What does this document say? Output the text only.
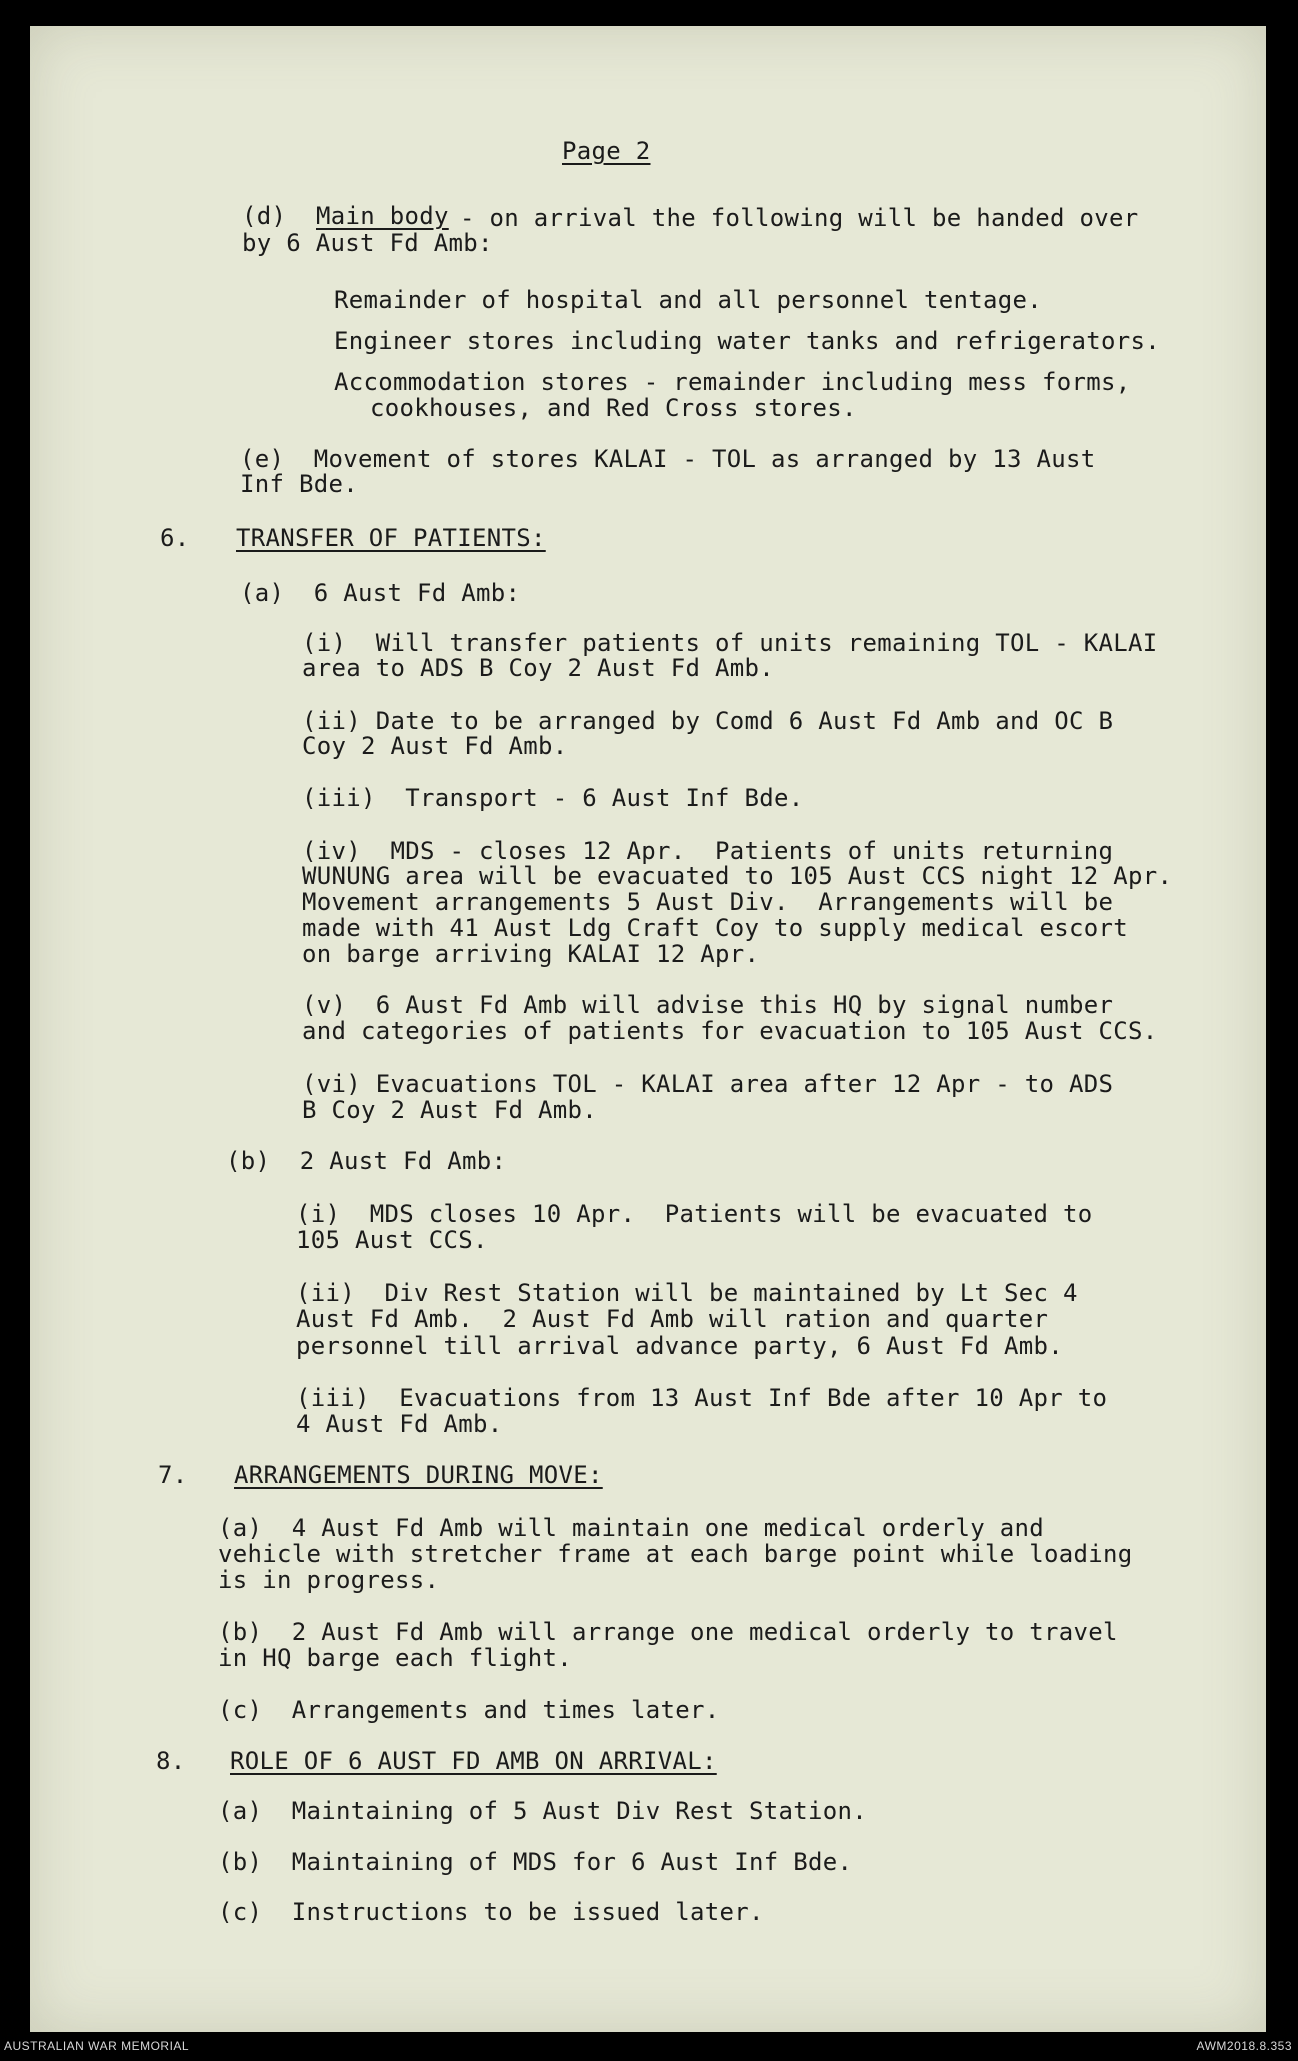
Page 2
(d) Main body - on arrival the following will be handed over
by 6 Aust Fd Amb:
Remainder of hospital and all personnel tentage.
Engineer stores including water tanks and refrigerators.
Accommodation stores - remainder including mess forms,
cookhouses, and Red Cross stores.
(e)  Movement of stores KALAI - TOL as arranged by 13 Aust
Inf Bde.
6. TRANSFER OF PATIENTS:
(a)  6 Aust Fd Amb:
(i)  Will transfer patients of units remaining TOL - KALAI
area to ADS B Coy 2 Aust Fd Amb.
(ii) Date to be arranged by Comd 6 Aust Fd Amb and OC B
Coy 2 Aust Fd Amb.
(iii)  Transport - 6 Aust Inf Bde.
(iv)  MDS - closes 12 Apr.  Patients of units returning
WUNUNG area will be evacuated to 105 Aust CCS night 12 Apr.
Movement arrangements 5 Aust Div.  Arrangements will be
made with 41 Aust Ldg Craft Coy to supply medical escort
on barge arriving KALAI 12 Apr.
(v)  6 Aust Fd Amb will advise this HQ by signal number
and categories of patients for evacuation to 105 Aust CCS.
(vi) Evacuations TOL - KALAI area after 12 Apr - to ADS
B Coy 2 Aust Fd Amb.
(b)  2 Aust Fd Amb:
(i)  MDS closes 10 Apr.  Patients will be evacuated to
105 Aust CCS.
(ii)  Div Rest Station will be maintained by Lt Sec 4
Aust Fd Amb.  2 Aust Fd Amb will ration and quarter
personnel till arrival advance party, 6 Aust Fd Amb.
(iii)  Evacuations from 13 Aust Inf Bde after 10 Apr to
4 Aust Fd Amb.
7. ARRANGEMENTS DURING MOVE:
(a)  4 Aust Fd Amb will maintain one medical orderly and
vehicle with stretcher frame at each barge point while loading
is in progress.
(b)  2 Aust Fd Amb will arrange one medical orderly to travel
in HQ barge each flight.
(c)  Arrangements and times later.
8. ROLE OF 6 AUST FD AMB ON ARRIVAL:
(a)  Maintaining of 5 Aust Div Rest Station.
(b)  Maintaining of MDS for 6 Aust Inf Bde.
(c)  Instructions to be issued later.
AUSTRALIAN WAR MEMORIAL	AWM2018.8.353
